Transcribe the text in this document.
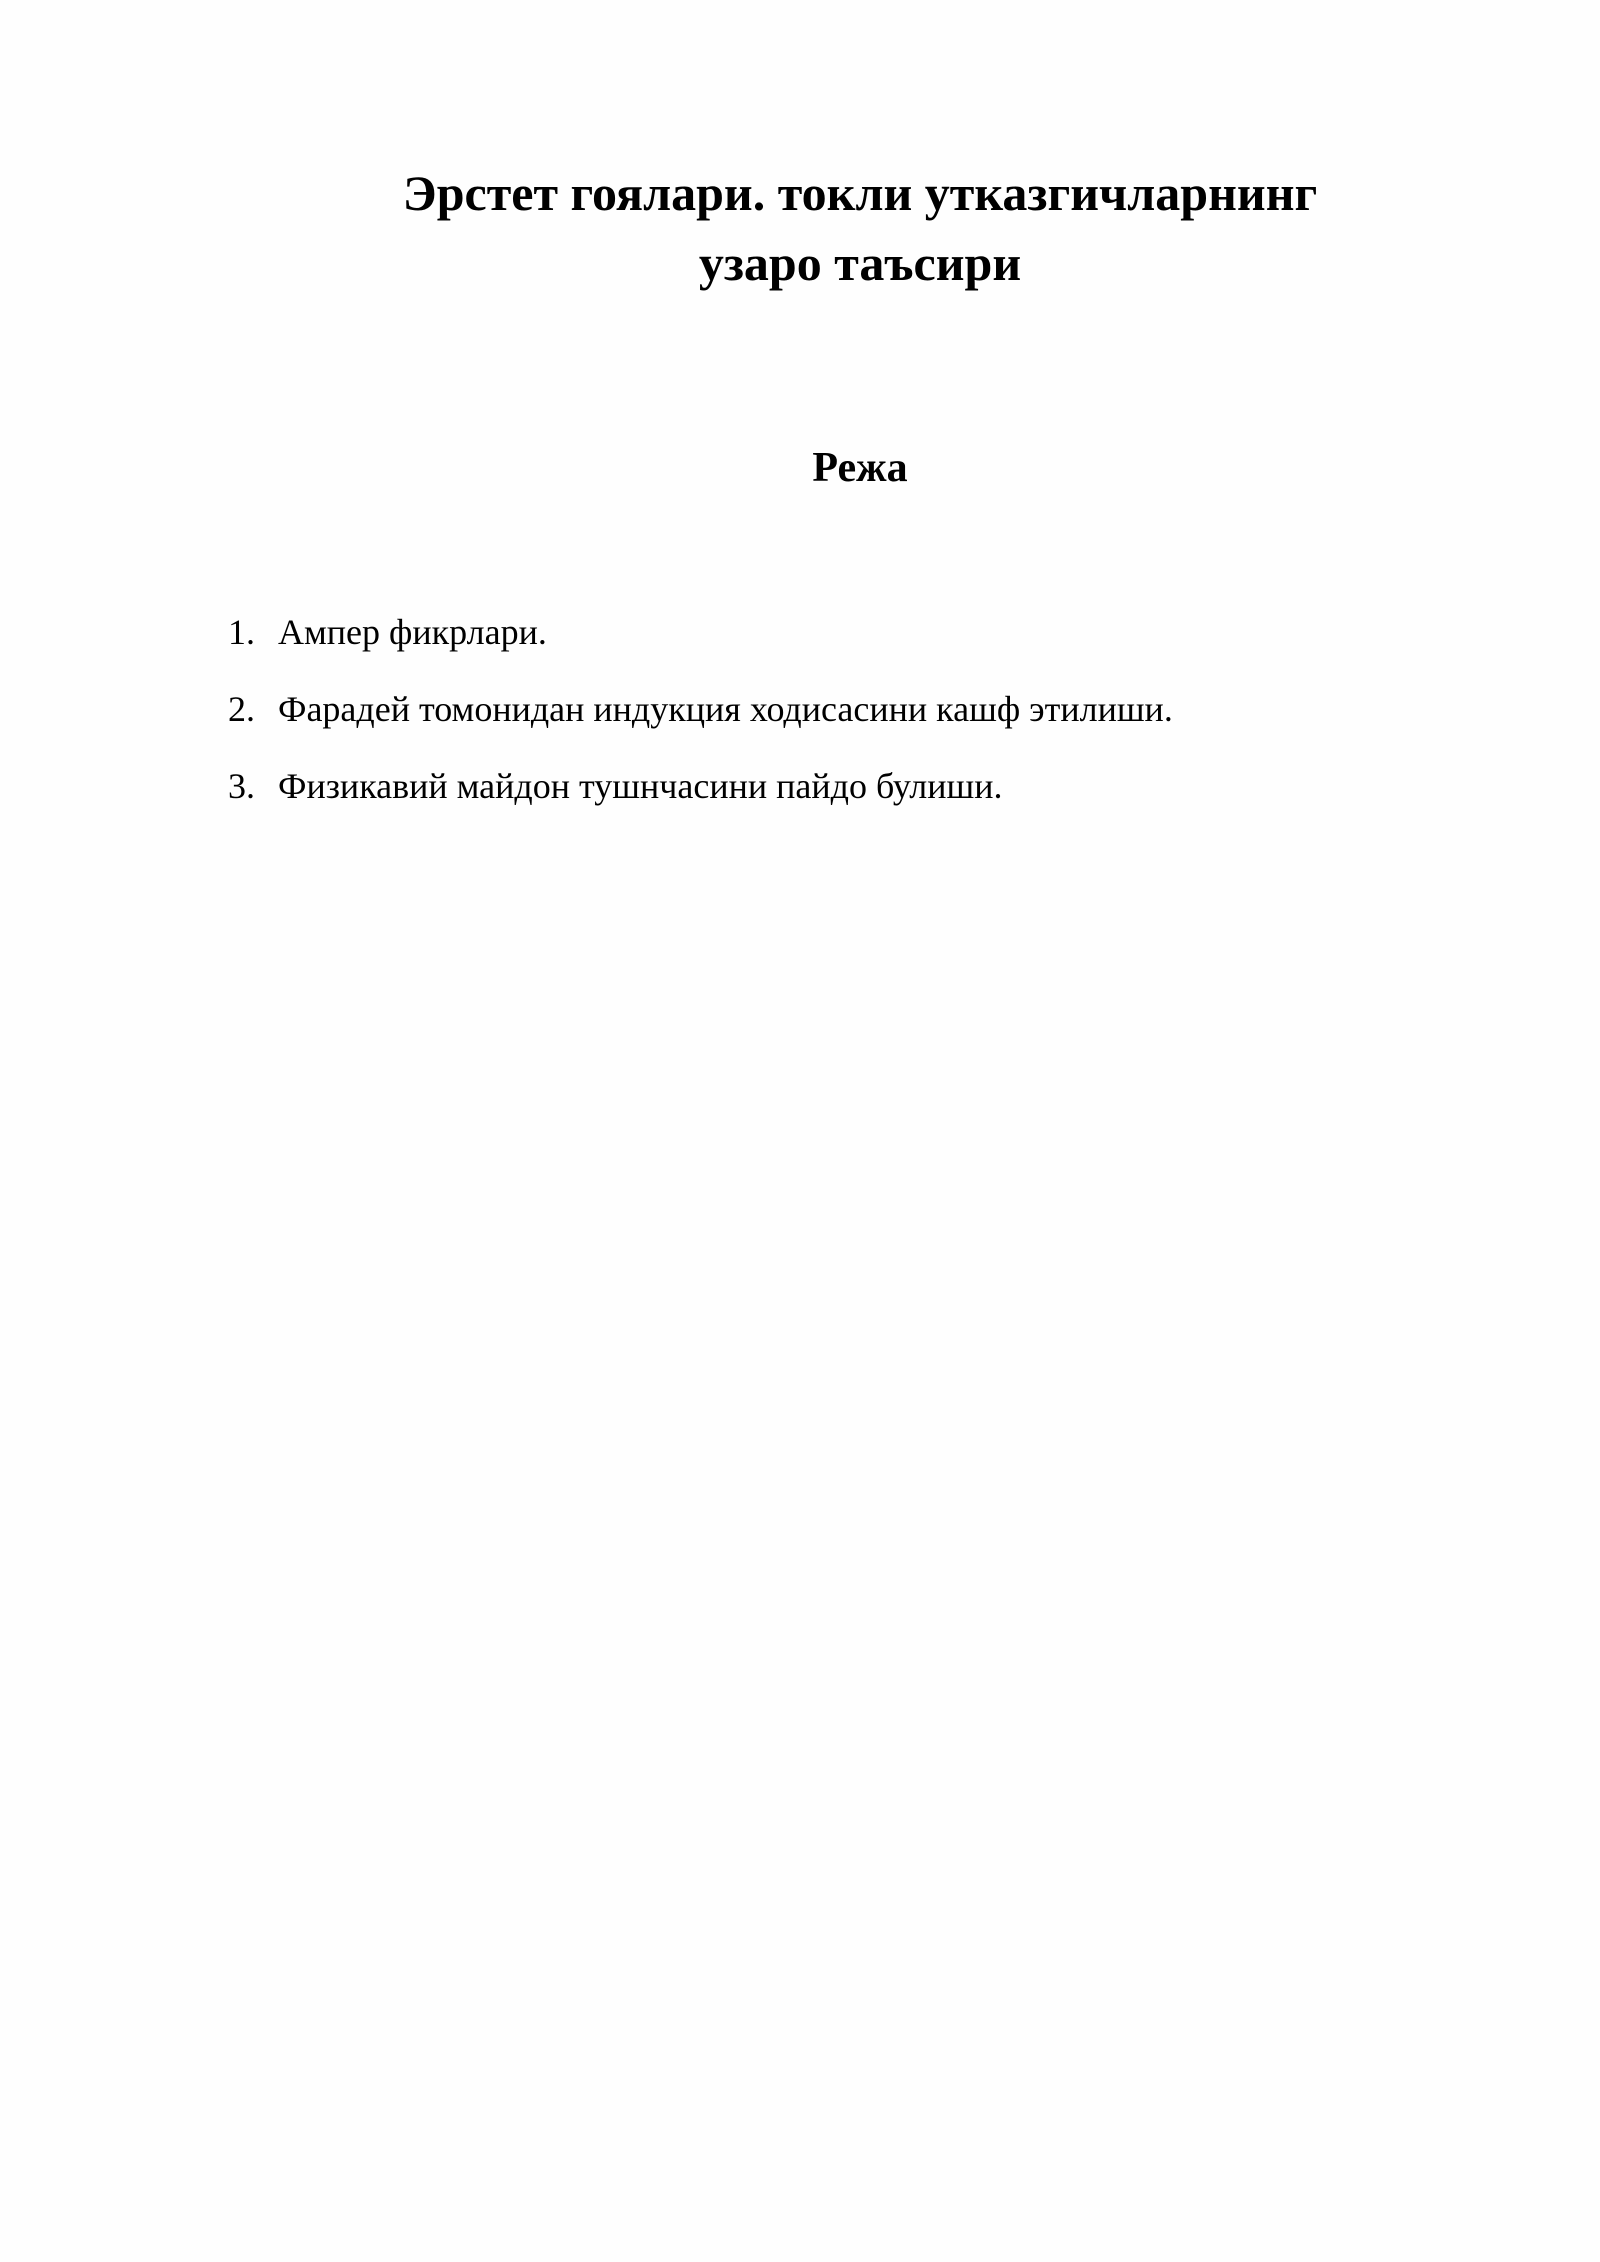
Эрстет гоялари. токли утказгичларнинг
узаро таъсири
Режа
1. Ампер фикрлари.
2. Фарадей томонидан индукция ходисасини кашф этилиши.
3. Физикавий майдон тушнчасини пайдо булиши.
